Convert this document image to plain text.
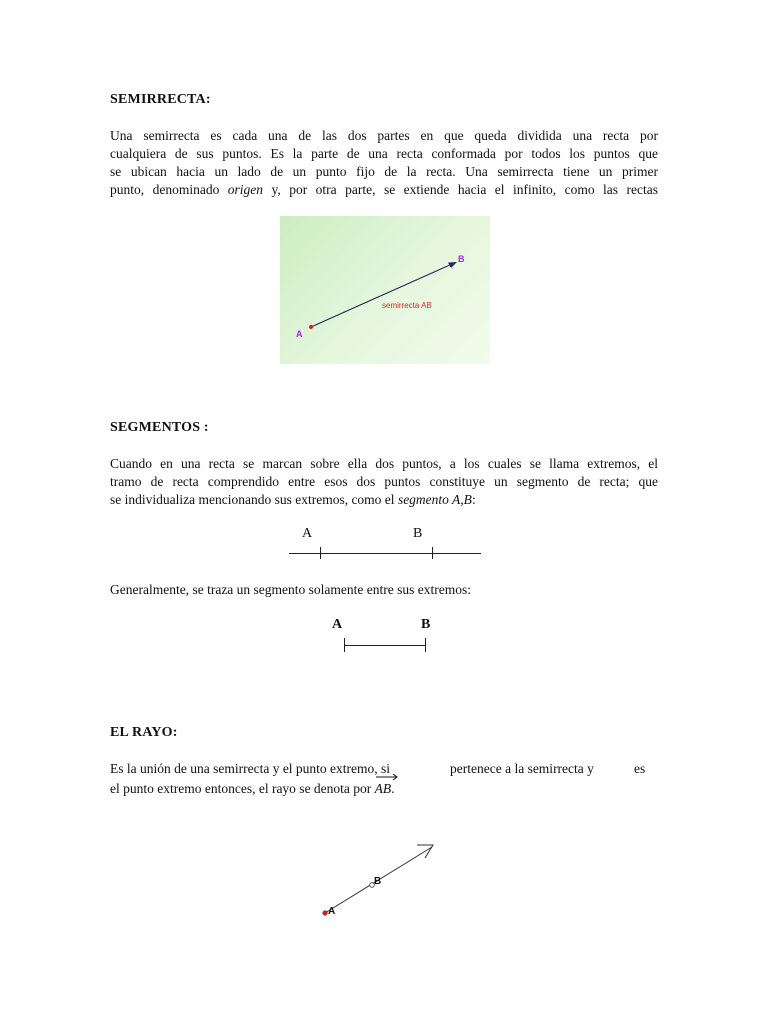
SEMIRRECTA:
Una semirrecta es cada una de las dos partes en que queda dividida una recta por
cualquiera de sus puntos. Es la parte de una recta conformada por todos los puntos que
se ubican hacia un lado de un punto fijo de la recta. Una semirrecta tiene un primer
punto, denominado origen y, por otra parte, se extiende hacia el infinito, como las rectas
A
B
semirrecta AB
SEGMENTOS :
Cuando en una recta se marcan sobre ella dos puntos, a los cuales se llama extremos, el
tramo de recta comprendido entre esos dos puntos constituye un segmento de recta; que
se individualiza mencionando sus extremos, como el segmento A,B:
A	B
Generalmente, se traza un segmento solamente entre sus extremos:
A	B
EL RAYO:
Es la unión de una semirrecta y el punto extremo, si	pertenece a la semirrecta y	es
el punto extremo entonces, el rayo se denota por AB.
A
B
